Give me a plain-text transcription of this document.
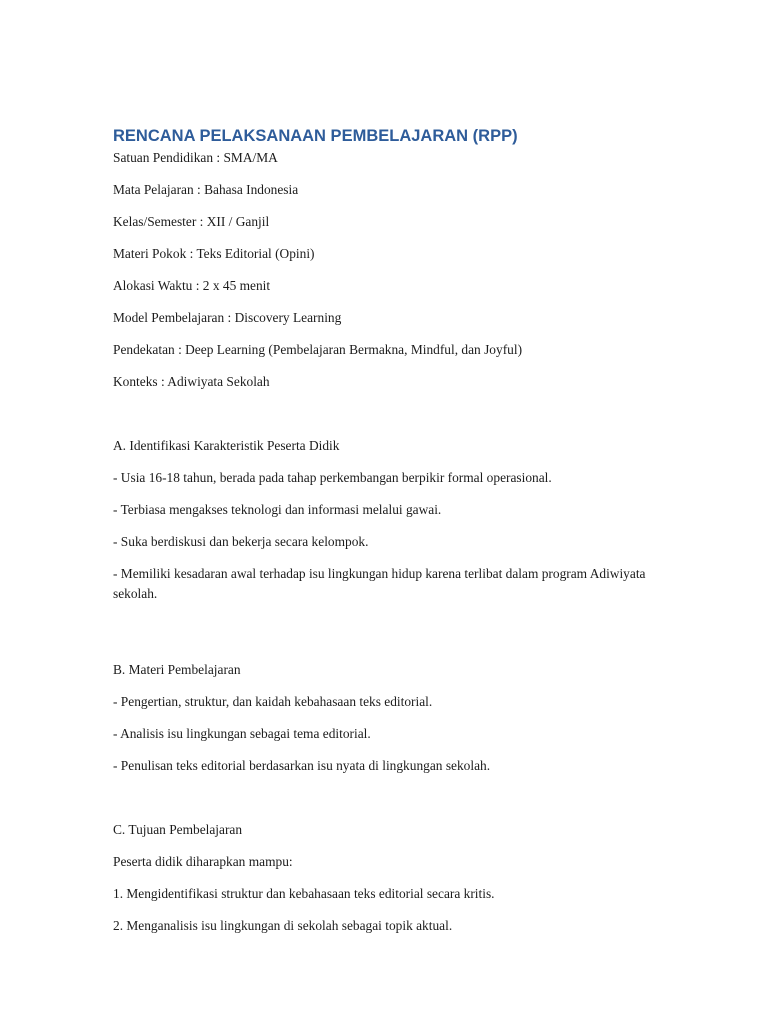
RENCANA PELAKSANAAN PEMBELAJARAN (RPP)

Satuan Pendidikan : SMA/MA

Mata Pelajaran : Bahasa Indonesia

Kelas/Semester : XII / Ganjil

Materi Pokok : Teks Editorial (Opini)

Alokasi Waktu : 2 x 45 menit

Model Pembelajaran : Discovery Learning

Pendekatan : Deep Learning (Pembelajaran Bermakna, Mindful, dan Joyful)

Konteks : Adiwiyata Sekolah

A. Identifikasi Karakteristik Peserta Didik

- Usia 16-18 tahun, berada pada tahap perkembangan berpikir formal operasional.

- Terbiasa mengakses teknologi dan informasi melalui gawai.

- Suka berdiskusi dan bekerja secara kelompok.

- Memiliki kesadaran awal terhadap isu lingkungan hidup karena terlibat dalam program Adiwiyata sekolah.

B. Materi Pembelajaran

- Pengertian, struktur, dan kaidah kebahasaan teks editorial.

- Analisis isu lingkungan sebagai tema editorial.

- Penulisan teks editorial berdasarkan isu nyata di lingkungan sekolah.

C. Tujuan Pembelajaran

Peserta didik diharapkan mampu:

1. Mengidentifikasi struktur dan kebahasaan teks editorial secara kritis.

2. Menganalisis isu lingkungan di sekolah sebagai topik aktual.
